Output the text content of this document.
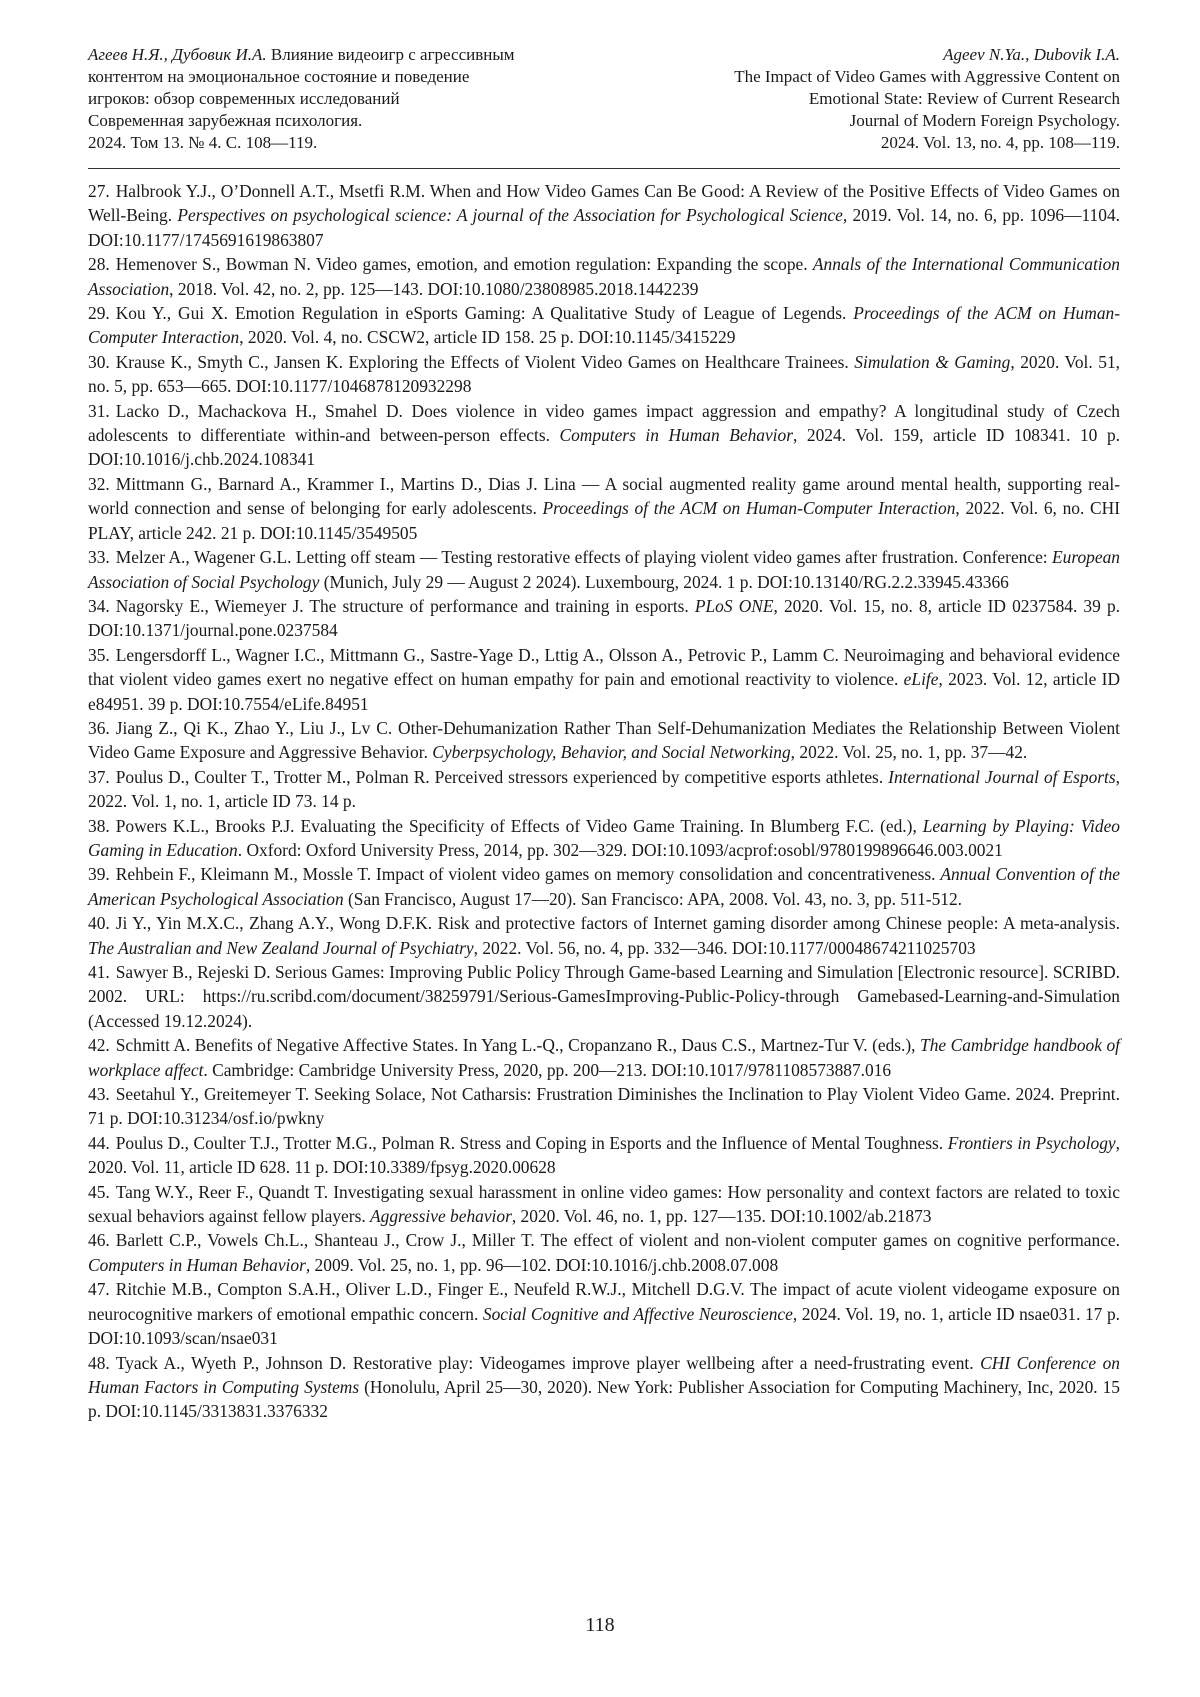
Агеев Н.Я., Дубовик И.А. Влияние видеоигр с агрессивным
контентом на эмоциональное состояние и поведение
игроков: обзор современных исследований
Современная зарубежная психология.
2024. Том 13. № 4. С. 108—119.
Ageev N.Ya., Dubovik I.A.
The Impact of Video Games with Aggressive Content on
Emotional State: Review of Current Research
Journal of Modern Foreign Psychology.
2024. Vol. 13, no. 4, pp. 108—119.

27. Halbrook Y.J., O’Donnell A.T., Msetfi R.M. When and How Video Games Can Be Good: A Review of the Positive Effects of Video Games on Well-Being. Perspectives on psychological science: A journal of the Association for Psychological Science, 2019. Vol. 14, no. 6, pp. 1096—1104. DOI:10.1177/1745691619863807

28. Hemenover S., Bowman N. Video games, emotion, and emotion regulation: Expanding the scope. Annals of the International Communication Association, 2018. Vol. 42, no. 2, pp. 125—143. DOI:10.1080/23808985.2018.1442239

29. Kou Y., Gui X. Emotion Regulation in eSports Gaming: A Qualitative Study of League of Legends. Proceedings of the ACM on Human-Computer Interaction, 2020. Vol. 4, no. CSCW2, article ID 158. 25 p. DOI:10.1145/3415229

30. Krause K., Smyth C., Jansen K. Exploring the Effects of Violent Video Games on Healthcare Trainees. Simulation & Gaming, 2020. Vol. 51, no. 5, pp. 653—665. DOI:10.1177/1046878120932298

31. Lacko D., Machackova H., Smahel D. Does violence in video games impact aggression and empathy? A longitudinal study of Czech adolescents to differentiate within-and between-person effects. Computers in Human Behavior, 2024. Vol. 159, article ID 108341. 10 p. DOI:10.1016/j.chb.2024.108341

32. Mittmann G., Barnard A., Krammer I., Martins D., Dias J. Lina — A social augmented reality game around mental health, supporting real-world connection and sense of belonging for early adolescents. Proceedings of the ACM on Human-Computer Interaction, 2022. Vol. 6, no. CHI PLAY, article 242. 21 p. DOI:10.1145/3549505

33. Melzer A., Wagener G.L. Letting off steam — Testing restorative effects of playing violent video games after frustration. Conference: European Association of Social Psychology (Munich, July 29 — August 2 2024). Luxembourg, 2024. 1 p. DOI:10.13140/RG.2.2.33945.43366

34. Nagorsky E., Wiemeyer J. The structure of performance and training in esports. PLoS ONE, 2020. Vol. 15, no. 8, article ID 0237584. 39 p. DOI:10.1371/journal.pone.0237584

35. Lengersdorff L., Wagner I.C., Mittmann G., Sastre-Yage D., Lttig A., Olsson A., Petrovic P., Lamm C. Neuroimaging and behavioral evidence that violent video games exert no negative effect on human empathy for pain and emotional reactivity to violence. eLife, 2023. Vol. 12, article ID e84951. 39 p. DOI:10.7554/eLife.84951

36. Jiang Z., Qi K., Zhao Y., Liu J., Lv C. Other-Dehumanization Rather Than Self-Dehumanization Mediates the Relationship Between Violent Video Game Exposure and Aggressive Behavior. Cyberpsychology, Behavior, and Social Networking, 2022. Vol. 25, no. 1, pp. 37—42.

37. Poulus D., Coulter T., Trotter M., Polman R. Perceived stressors experienced by competitive esports athletes. International Journal of Esports, 2022. Vol. 1, no. 1, article ID 73. 14 p.

38. Powers K.L., Brooks P.J. Evaluating the Specificity of Effects of Video Game Training. In Blumberg F.C. (ed.), Learning by Playing: Video Gaming in Education. Oxford: Oxford University Press, 2014, pp. 302—329. DOI:10.1093/acprof:osobl/9780199896646.003.0021

39. Rehbein F., Kleimann M., Mossle T. Impact of violent video games on memory consolidation and concentrativeness. Annual Convention of the American Psychological Association (San Francisco, August 17—20). San Francisco: APA, 2008. Vol. 43, no. 3, pp. 511-512.

40. Ji Y., Yin M.X.C., Zhang A.Y., Wong D.F.K. Risk and protective factors of Internet gaming disorder among Chinese people: A meta-analysis. The Australian and New Zealand Journal of Psychiatry, 2022. Vol. 56, no. 4, pp. 332—346. DOI:10.1177/00048674211025703

41. Sawyer B., Rejeski D. Serious Games: Improving Public Policy Through Game-based Learning and Simulation [Electronic resource]. SCRIBD. 2002. URL: https://ru.scribd.com/document/38259791/Serious-GamesImproving-Public-Policy-through Gamebased-Learning-and-Simulation (Accessed 19.12.2024).

42. Schmitt A. Benefits of Negative Affective States. In Yang L.-Q., Cropanzano R., Daus C.S., Martnez-Tur V. (eds.), The Cambridge handbook of workplace affect. Cambridge: Cambridge University Press, 2020, pp. 200—213. DOI:10.1017/9781108573887.016

43. Seetahul Y., Greitemeyer T. Seeking Solace, Not Catharsis: Frustration Diminishes the Inclination to Play Violent Video Game. 2024. Preprint. 71 p. DOI:10.31234/osf.io/pwkny

44. Poulus D., Coulter T.J., Trotter M.G., Polman R. Stress and Coping in Esports and the Influence of Mental Toughness. Frontiers in Psychology, 2020. Vol. 11, article ID 628. 11 p. DOI:10.3389/fpsyg.2020.00628

45. Tang W.Y., Reer F., Quandt T. Investigating sexual harassment in online video games: How personality and context factors are related to toxic sexual behaviors against fellow players. Aggressive behavior, 2020. Vol. 46, no. 1, pp. 127—135. DOI:10.1002/ab.21873

46. Barlett C.P., Vowels Ch.L., Shanteau J., Crow J., Miller T. The effect of violent and non-violent computer games on cognitive performance. Computers in Human Behavior, 2009. Vol. 25, no. 1, pp. 96—102. DOI:10.1016/j.chb.2008.07.008

47. Ritchie M.B., Compton S.A.H., Oliver L.D., Finger E., Neufeld R.W.J., Mitchell D.G.V. The impact of acute violent videogame exposure on neurocognitive markers of emotional empathic concern. Social Cognitive and Affective Neuroscience, 2024. Vol. 19, no. 1, article ID nsae031. 17 p. DOI:10.1093/scan/nsae031

48. Tyack A., Wyeth P., Johnson D. Restorative play: Videogames improve player wellbeing after a need-frustrating event. CHI Conference on Human Factors in Computing Systems (Honolulu, April 25—30, 2020). New York: Publisher Association for Computing Machinery, Inc, 2020. 15 p. DOI:10.1145/3313831.3376332

118
